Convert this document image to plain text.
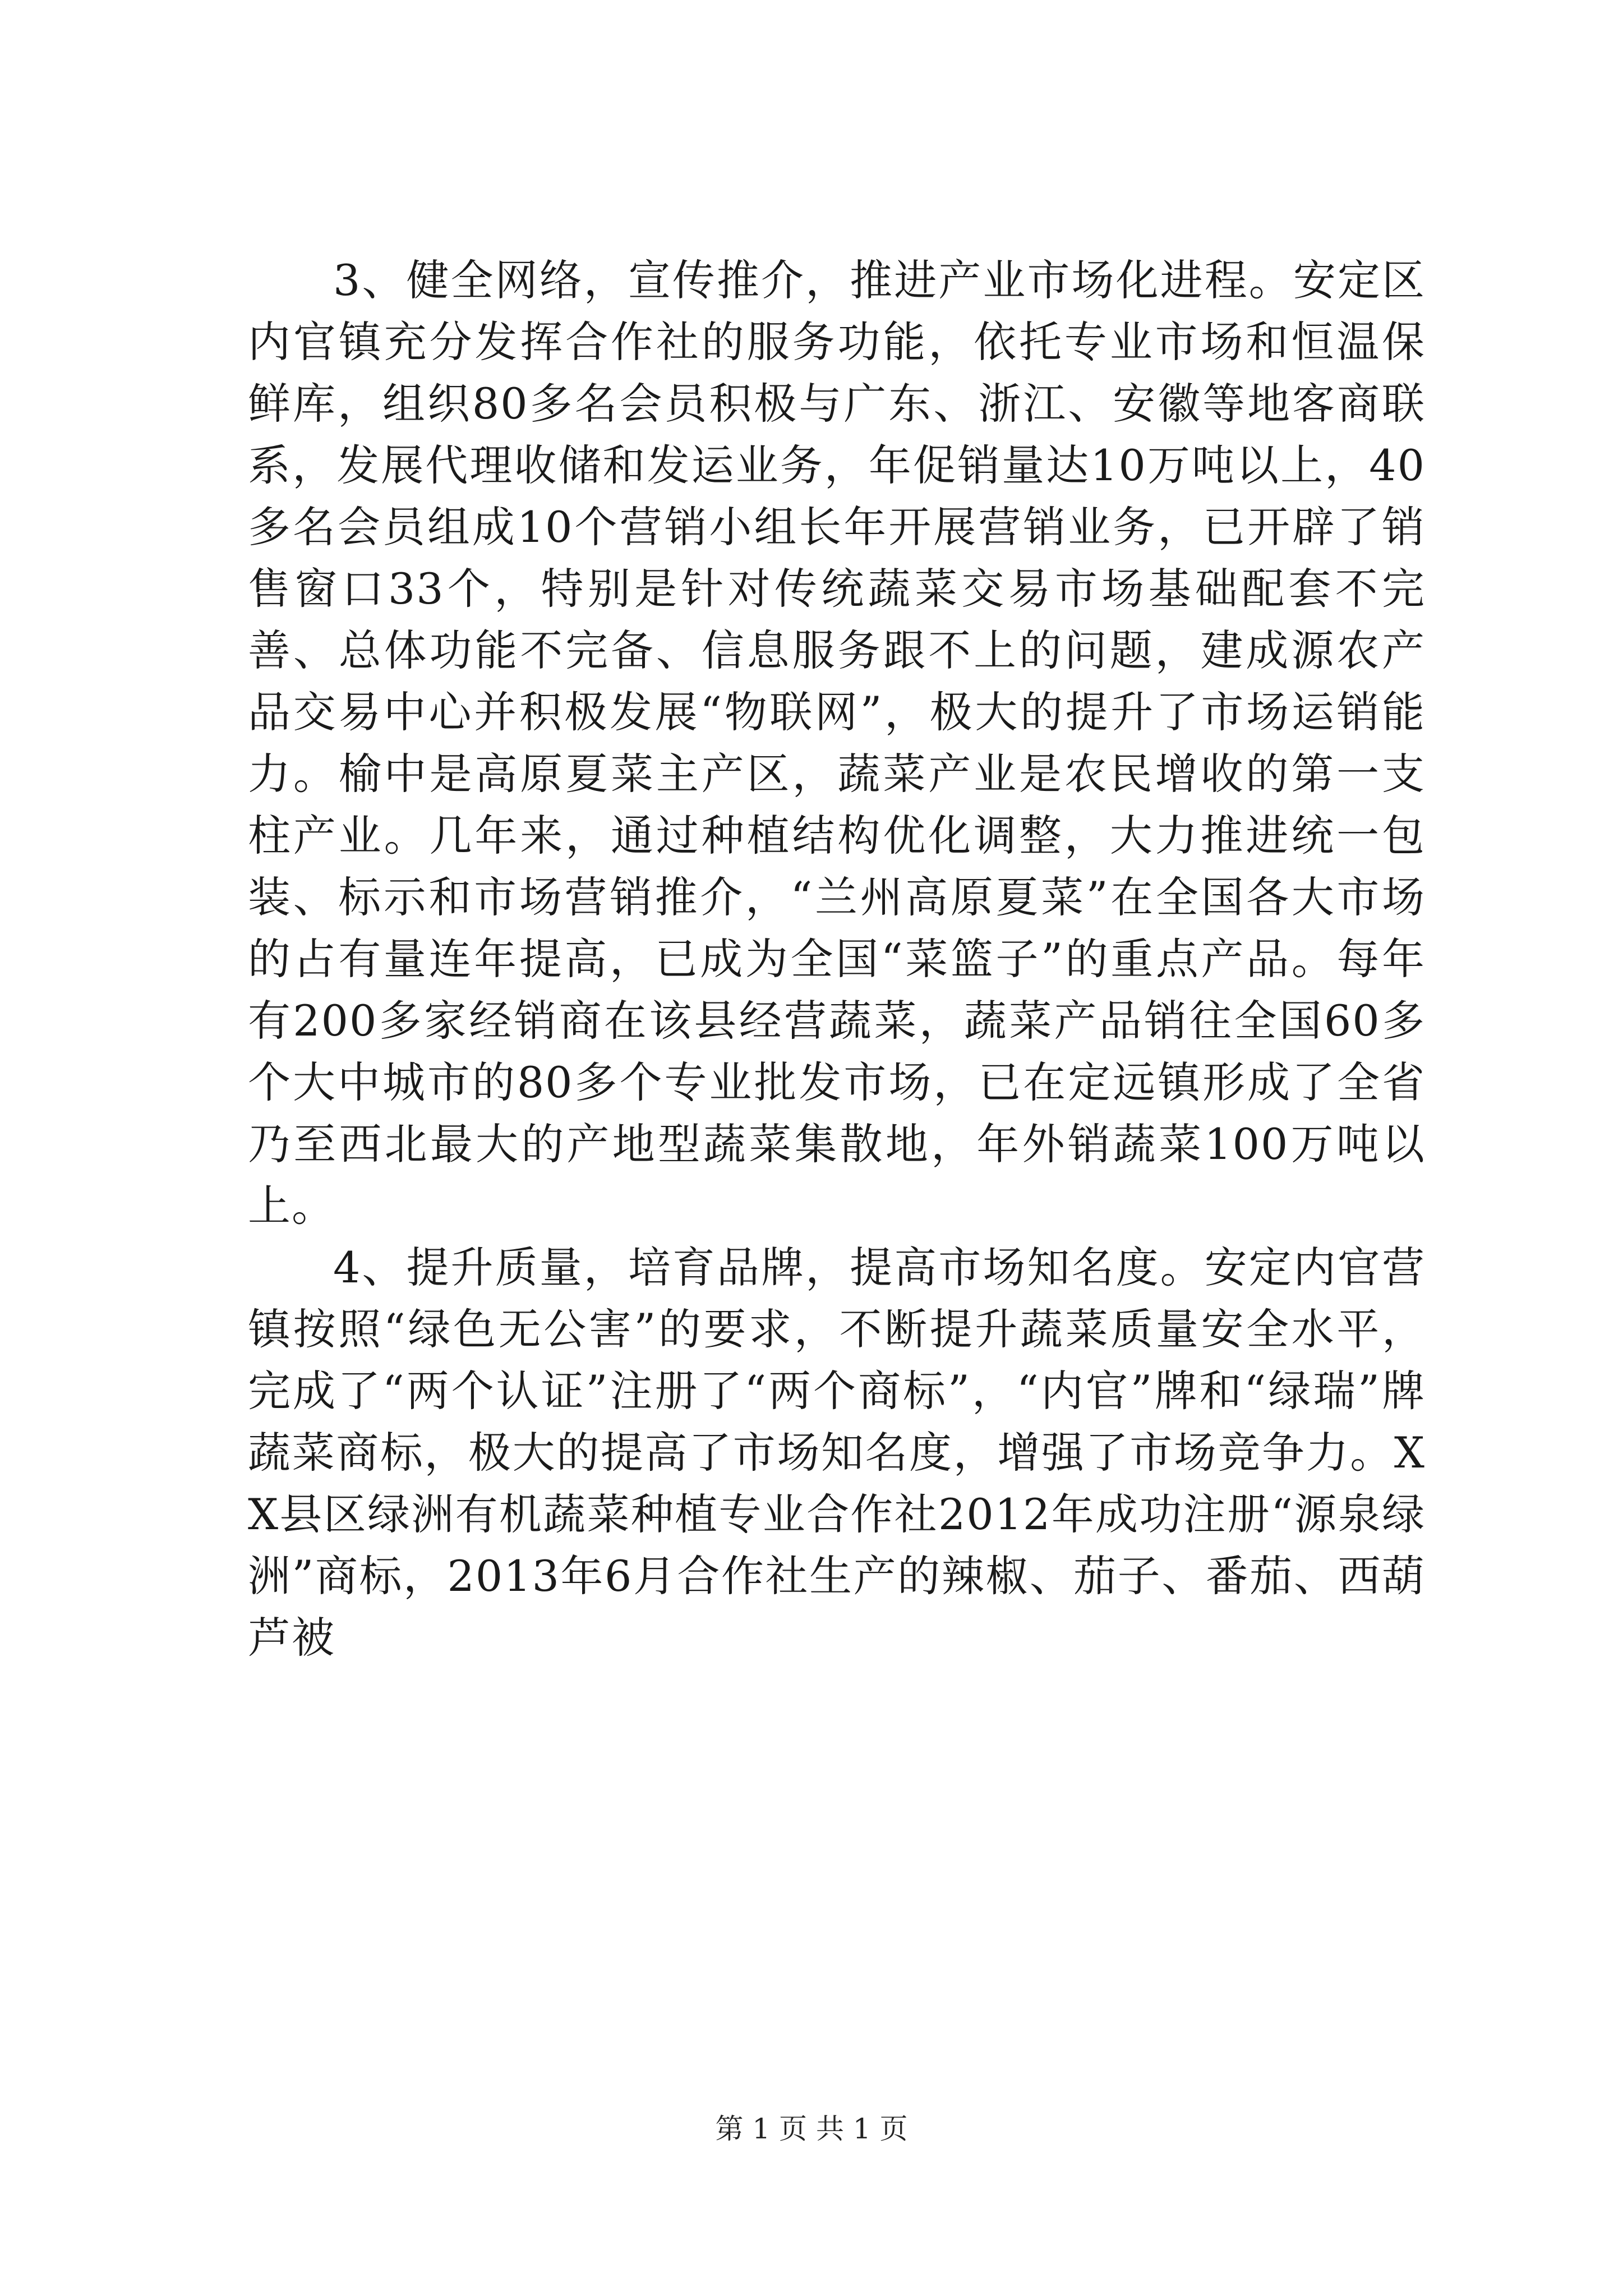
3、健全网络，宣传推介，推进产业市场化进程。安定区内官镇充分发挥合作社的服务功能，依托专业市场和恒温保鲜库，组织80多名会员积极与广东、浙江、安徽等地客商联系，发展代理收储和发运业务，年促销量达10万吨以上，40多名会员组成10个营销小组长年开展营销业务，已开辟了销售窗口33个，特别是针对传统蔬菜交易市场基础配套不完善、总体功能不完备、信息服务跟不上的问题，建成源农产品交易中心并积极发展“物联网”，极大的提升了市场运销能力。榆中是高原夏菜主产区，蔬菜产业是农民增收的第一支柱产业。几年来，通过种植结构优化调整，大力推进统一包装、标示和市场营销推介，“兰州高原夏菜”在全国各大市场的占有量连年提高，已成为全国“菜篮子”的重点产品。每年有200多家经销商在该县经营蔬菜，蔬菜产品销往全国60多个大中城市的80多个专业批发市场，已在定远镇形成了全省乃至西北最大的产地型蔬菜集散地，年外销蔬菜100万吨以上。

4、提升质量，培育品牌，提高市场知名度。安定内官营镇按照“绿色无公害”的要求，不断提升蔬菜质量安全水平，完成了“两个认证”注册了“两个商标”，“内官”牌和“绿瑞”牌蔬菜商标，极大的提高了市场知名度，增强了市场竞争力。XX县区绿洲有机蔬菜种植专业合作社2012年成功注册“源泉绿洲”商标，2013年6月合作社生产的辣椒、茄子、番茄、西葫芦被

第 1 页 共 1 页
